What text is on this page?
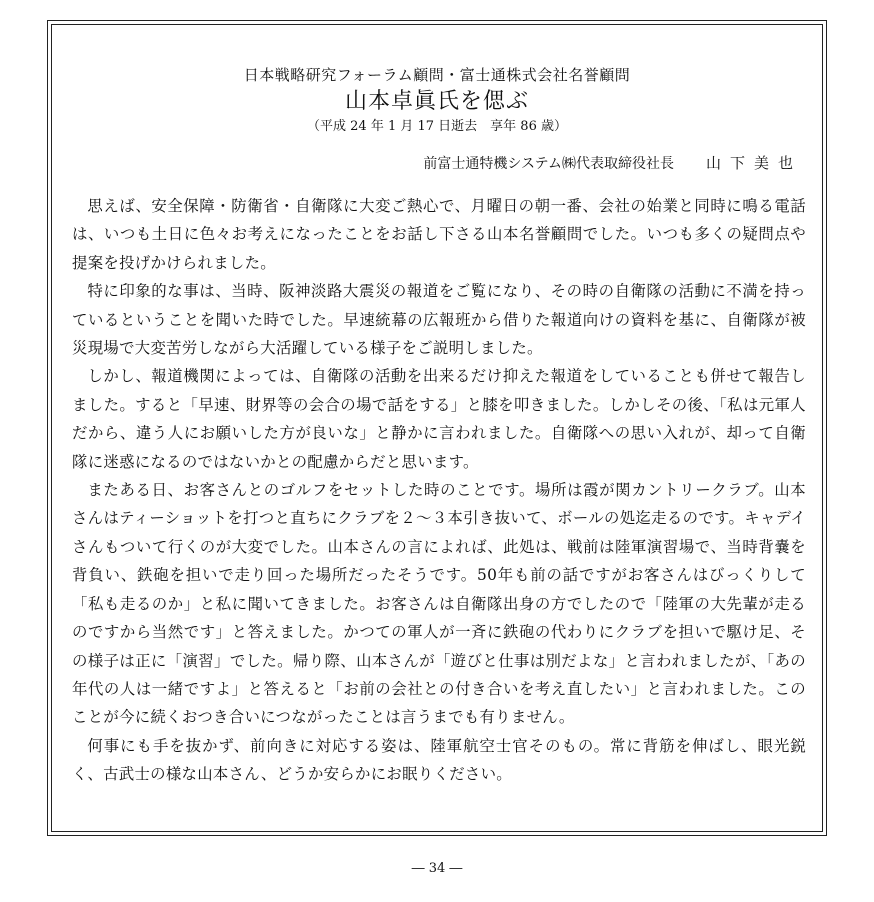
日本戦略研究フォーラム顧問・富士通株式会社名誉顧問
山本卓眞氏を偲ぶ
（平成 24 年 1 月 17 日逝去　享年 86 歳）
前富士通特機システム㈱代表取締役社長 山下美也

思えば、安全保障・防衛省・自衛隊に大変ご熱心で、月曜日の朝一番、会社の始業と同時に鳴る電話は、いつも土日に色々お考えになったことをお話し下さる山本名誉顧問でした。いつも多くの疑問点や提案を投げかけられました。

特に印象的な事は、当時、阪神淡路大震災の報道をご覧になり、その時の自衛隊の活動に不満を持っているということを聞いた時でした。早速統幕の広報班から借りた報道向けの資料を基に、自衛隊が被災現場で大変苦労しながら大活躍している様子をご説明しました。

しかし、報道機関によっては、自衛隊の活動を出来るだけ抑えた報道をしていることも併せて報告しました。すると「早速、財界等の会合の場で話をする」と膝を叩きました。しかしその後、「私は元軍人だから、違う人にお願いした方が良いな」と静かに言われました。自衛隊への思い入れが、却って自衛隊に迷惑になるのではないかとの配慮からだと思います。

またある日、お客さんとのゴルフをセットした時のことです。場所は霞が関カントリークラブ。山本さんはティーショットを打つと直ちにクラブを２～３本引き抜いて、ボールの処迄走るのです。キャデイさんもついて行くのが大変でした。山本さんの言によれば、此処は、戦前は陸軍演習場で、当時背嚢を背負い、鉄砲を担いで走り回った場所だったそうです。50年も前の話ですがお客さんはびっくりして「私も走るのか」と私に聞いてきました。お客さんは自衛隊出身の方でしたので「陸軍の大先輩が走るのですから当然です」と答えました。かつての軍人が一斉に鉄砲の代わりにクラブを担いで駆け足、その様子は正に「演習」でした。帰り際、山本さんが「遊びと仕事は別だよな」と言われましたが、「あの年代の人は一緒ですよ」と答えると「お前の会社との付き合いを考え直したい」と言われました。このことが今に続くおつき合いにつながったことは言うまでも有りません。

何事にも手を抜かず、前向きに対応する姿は、陸軍航空士官そのもの。常に背筋を伸ばし、眼光鋭く、古武士の様な山本さん、どうか安らかにお眠りください。

― 34 ―
